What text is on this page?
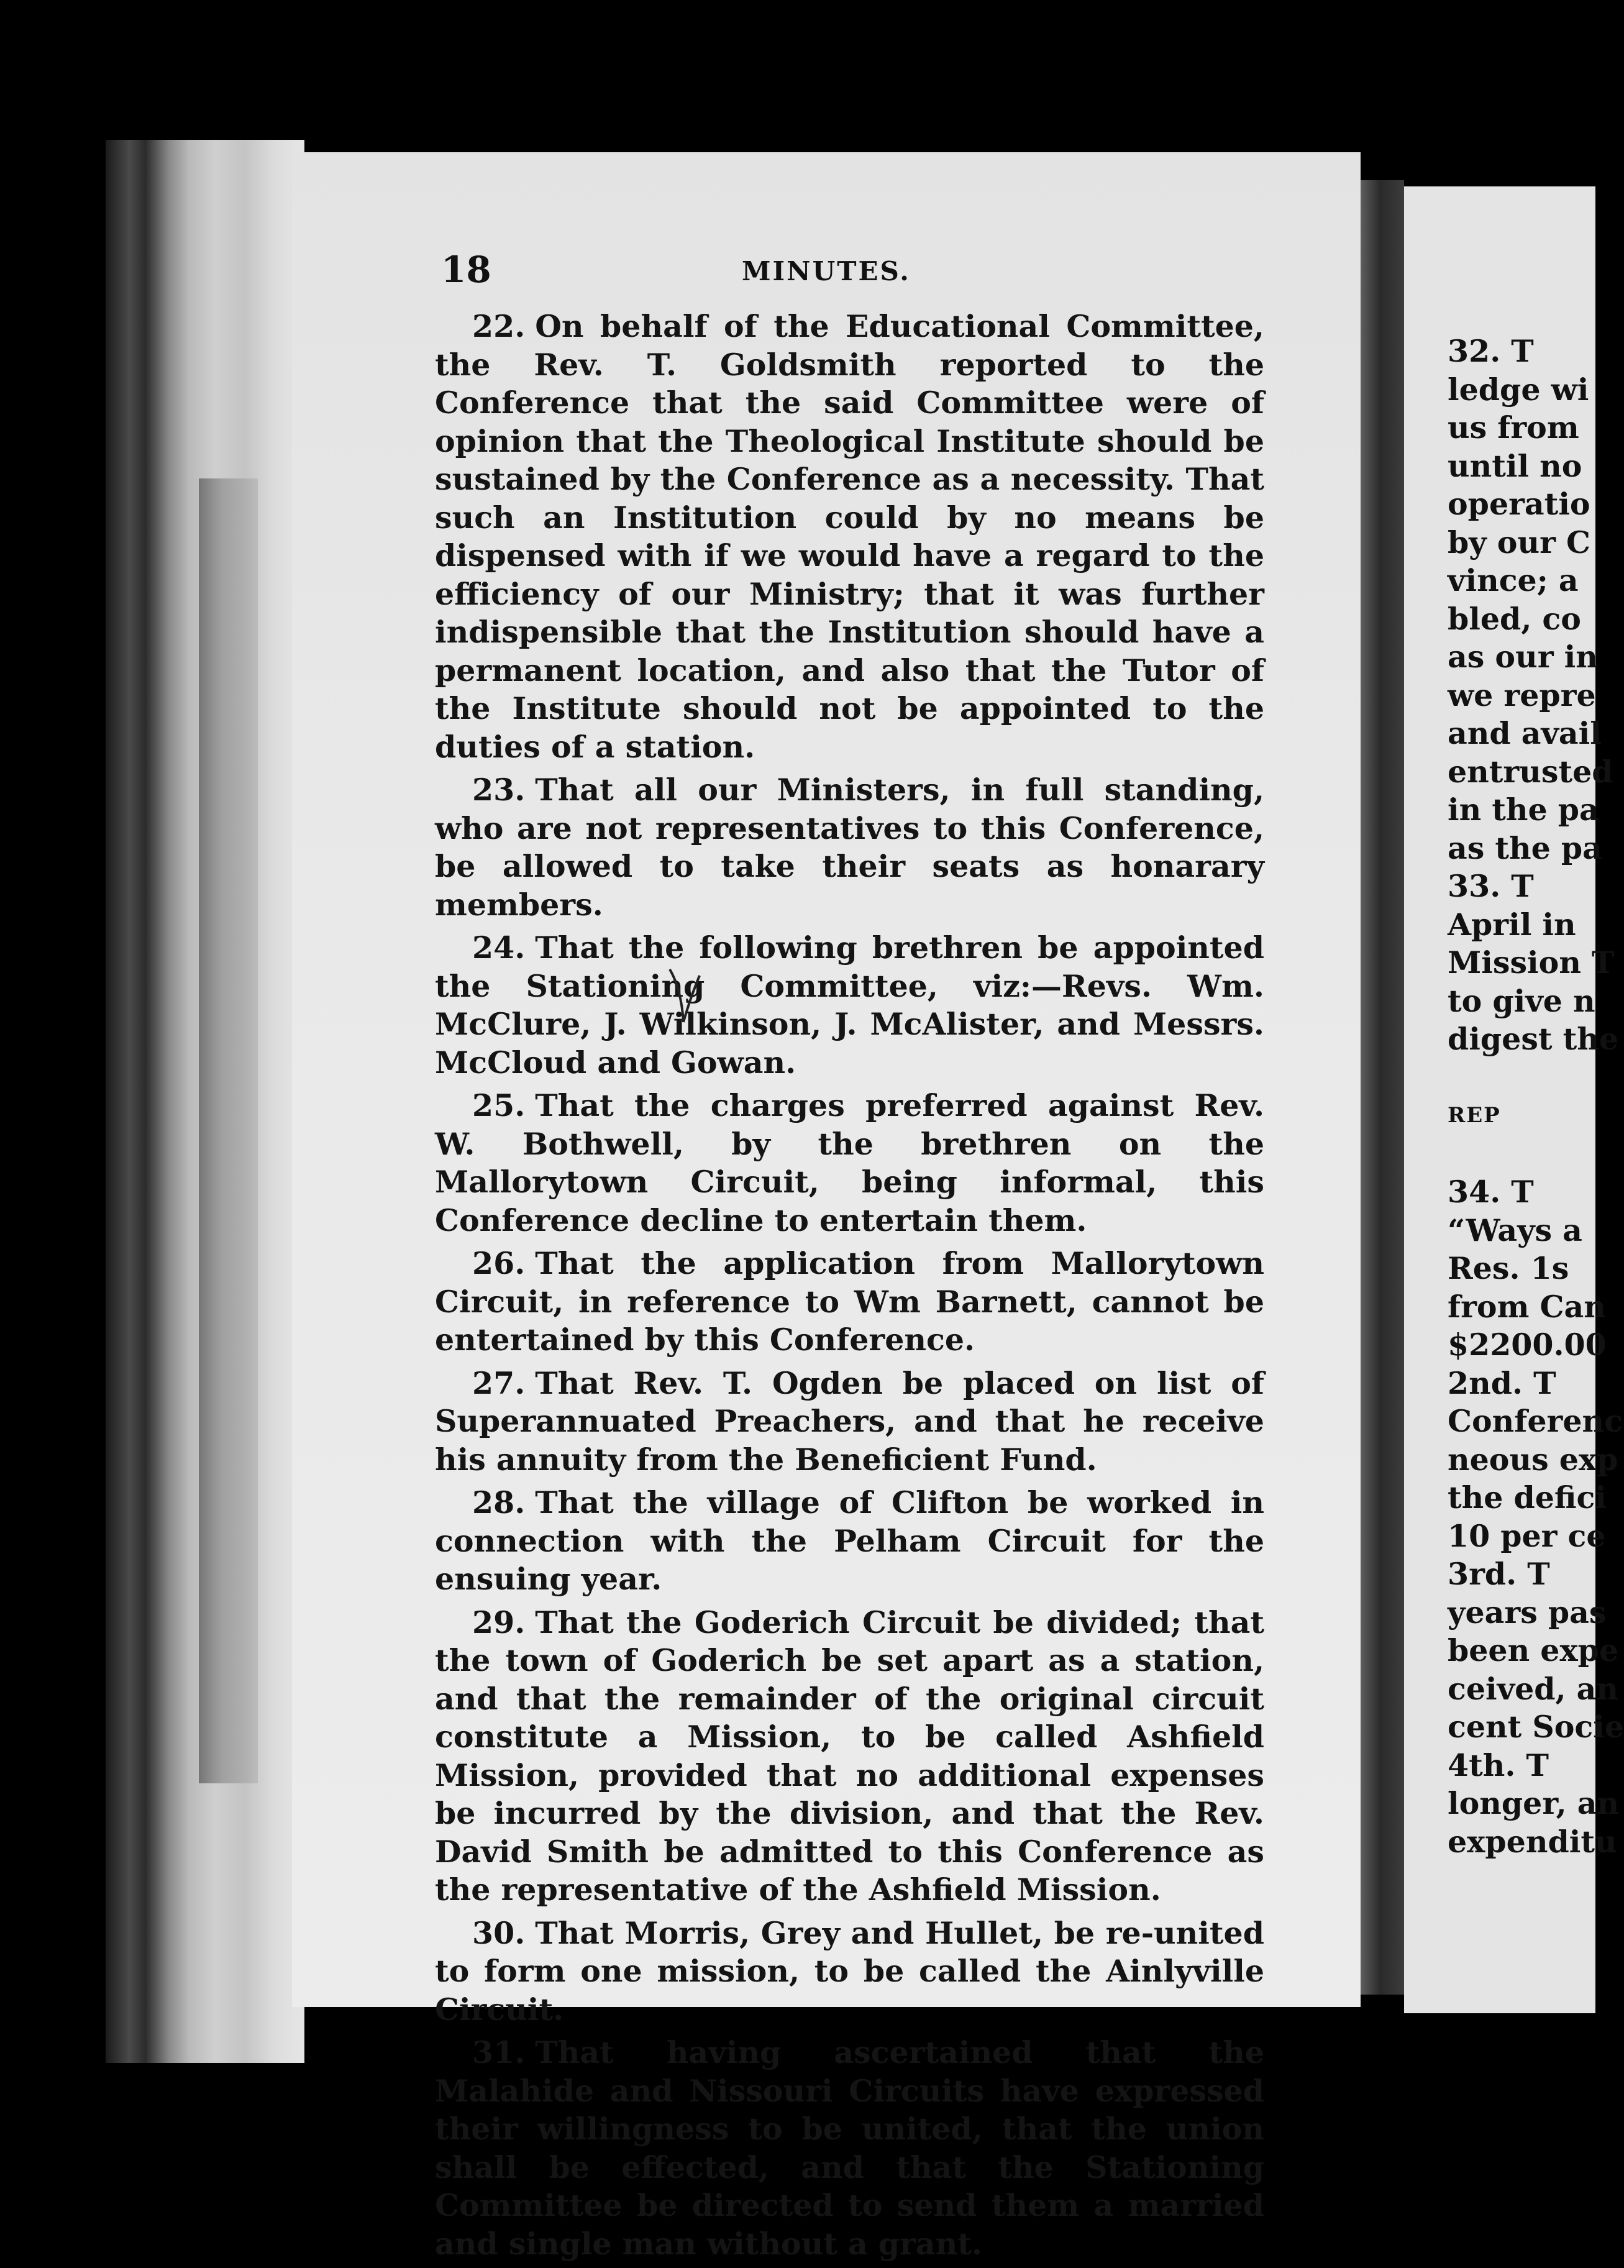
18	MINUTES.

22. On behalf of the Educational Committee, the Rev. T. Goldsmith reported to the Conference that the said Committee were of opinion that the Theological Institute should be sustained by the Conference as a necessity. That such an Institution could by no means be dispensed with if we would have a regard to the efficiency of our Ministry; that it was further indispensible that the Institution should have a permanent location, and also that the Tutor of the Institute should not be appointed to the duties of a station.

23. That all our Ministers, in full standing, who are not representatives to this Conference, be allowed to take their seats as honarary members.

24. That the following brethren be appointed the Stationing Committee, viz:—Revs. Wm. McClure, J. Wilkinson, J. McAlister, and Messrs. McCloud and Gowan.

25. That the charges preferred against Rev. W. Bothwell, by the brethren on the Mallorytown Circuit, being informal, this Conference decline to entertain them.

26. That the application from Mallorytown Circuit, in reference to Wm Barnett, cannot be entertained by this Conference.

27. That Rev. T. Ogden be placed on list of Superannuated Preachers, and that he receive his annuity from the Beneficient Fund.

28. That the village of Clifton be worked in connection with the Pelham Circuit for the ensuing year.

29. That the Goderich Circuit be divided; that the town of Goderich be set apart as a station, and that the remainder of the original circuit constitute a Mission, to be called Ashfield Mission, provided that no additional expenses be incurred by the division, and that the Rev. David Smith be admitted to this Conference as the representative of the Ashfield Mission.

30. That Morris, Grey and Hullet, be re-united to form one mission, to be called the Ainlyville Circuit.

31. That having ascertained that the Malahide and Nissouri Circuits have expressed their willingness to be united, that the union shall be effected, and that the Stationing Committee be directed to send them a married and single man without a grant.

32. T
ledge wi
us from
until no
operatio
by our C
vince; a
bled, co
as our in
we repre
and avail
entrusted
in the pa
as the pa
33. T
April in
Mission T
to give n
digest the
REP
34. T
“Ways a
Res. 1s
from Can
$2200.00
2nd. T
Conferenc
neous exp
the defici
10 per ce
3rd. T
years pas
been expe
ceived, an
cent Socie
4th. T
longer, an
expenditu
